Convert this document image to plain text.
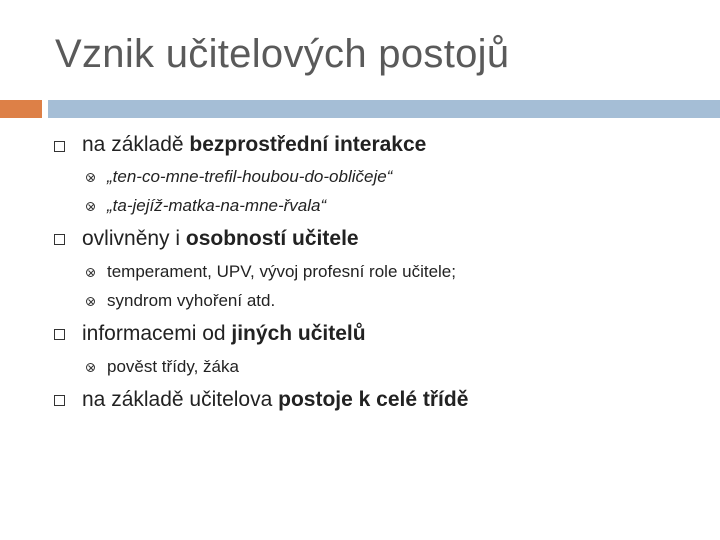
Vznik učitelových postojů
na základě bezprostřední interakce
„ten-co-mne-trefil-houbou-do-obličeje“
„ta-jejíž-matka-na-mne-řvala“
ovlivněny i osobností učitele
temperament, UPV, vývoj profesní role učitele;
syndrom vyhoření atd.
informacemi od jiných učitelů
pověst třídy, žáka
na základě učitelova postoje k celé třídě
